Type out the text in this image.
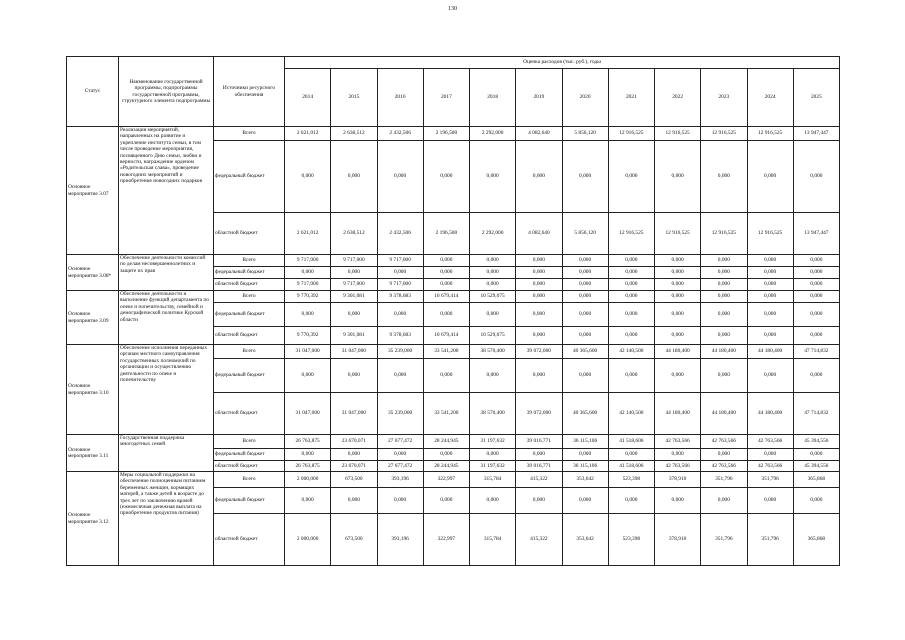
130
Статус	Наименование государственной программы, подпрограммы государственной программы, структурного элемента подпрограммы	Источники ресурсного обеспечения	Оценка расходов (тыс. руб.), годы											
			2014	2015	2016	2017	2018	2019	2020	2021	2022	2023	2024	2025
Основное мероприятие 3.07	Реализация мероприятий, направленных на развитие и укрепление института семьи, в том числе проведение мероприятия, посвященного Дню семьи, любви и верности, награждение орденом «Родительская слава», проведение новогодних мероприятий и приобретение новогодних подарков	Всего	2 621,012	2 638,512	2 432,506	2 196,500	2 292,000	4 082,640	5 856,120	12 916,525	12 916,525	12 916,525	12 916,525	13 947,447
		федеральный бюджет	0,000	0,000	0,000	0,000	0,000	0,000	0,000	0,000	0,000	0,000	0,000	0,000
		областной бюджет	2 621,012	2 638,512	2 432,506	2 196,500	2 292,000	4 082,640	5 856,120	12 916,525	12 916,525	12 916,525	12 916,525	13 947,447
Основное мероприятие 3.08*	Обеспечение деятельности комиссий по делам несовершеннолетних и защите их прав	Всего	9 717,000	9 717,000	9 717,000	0,000	0,000	0,000	0,000	0,000	0,000	0,000	0,000	0,000
		федеральный бюджет	0,000	0,000	0,000	0,000	0,000	0,000	0,000	0,000	0,000	0,000	0,000	0,000
		областной бюджет	9 717,000	9 717,000	9 717,000	0,000	0,000	0,000	0,000	0,000	0,000	0,000	0,000	0,000
Основное мероприятие 3.09	Обеспечение деятельности и выполнение функций департамента по опеке и попечительству, семейной и демографической политике Курской области	Всего	9 770,392	9 301,081	9 378,683	10 679,414	10 529,075	0,000	0,000	0,000	0,000	0,000	0,000	0,000
		федеральный бюджет	0,000	0,000	0,000	0,000	0,000	0,000	0,000	0,000	0,000	0,000	0,000	0,000
		областной бюджет	9 770,392	9 301,081	9 378,683	10 679,414	10 529,075	0,000	0,000	0,000	0,000	0,000	0,000	0,000
Основное мероприятие 3.10	Обеспечение исполнения переданных органам местного самоуправления государственных полномочий по организации и осуществлению деятельности по опеке и попечительству	Всего	31 047,000	31 047,000	35 239,000	33 541,200	38 570,400	39 072,000	40 365,600	42 140,500	44 180,400	44 180,400	44 180,400	47 714,832
		федеральный бюджет	0,000	0,000	0,000	0,000	0,000	0,000	0,000	0,000	0,000	0,000	0,000	0,000
		областной бюджет	31 047,000	31 047,000	35 239,000	33 541,200	38 570,400	39 072,000	40 365,600	42 140,500	44 180,400	44 180,400	44 180,400	47 714,832
Основное мероприятие 3.11	Государственная поддержка многодетных семей	Всего	26 763,875	23 670,071	27 677,472	28 244,945	31 197,632	39 016,771	36 115,106	41 518,606	42 763,566	42 763,566	42 763,566	45 394,556
		федеральный бюджет	0,000	0,000	0,000	0,000	0,000	0,000	0,000	0,000	0,000	0,000	0,000	0,000
		областной бюджет	26 763,875	23 670,071	27 677,472	28 244,945	31 197,632	39 016,771	36 115,106	41 518,606	42 763,566	42 763,566	42 763,566	45 394,556
Основное мероприятие 3.12	Меры социальной поддержки на обеспечение полноценным питанием беременных женщин, кормящих матерей, а также детей в возрасте до трех лет по заключению врачей (ежемесячная денежная выплата на приобретение продуктов питания)	Всего	2 000,000	673,500	393,196	322,997	315,784	415,322	353,642	523,398	378,910	351,796	351,796	365,868
		федеральный бюджет	0,000	0,000	0,000	0,000	0,000	0,000	0,000	0,000	0,000	0,000	0,000	0,000
		областной бюджет	2 000,000	673,500	393,196	322,997	315,784	415,322	353,642	523,398	378,910	351,796	351,796	365,868
